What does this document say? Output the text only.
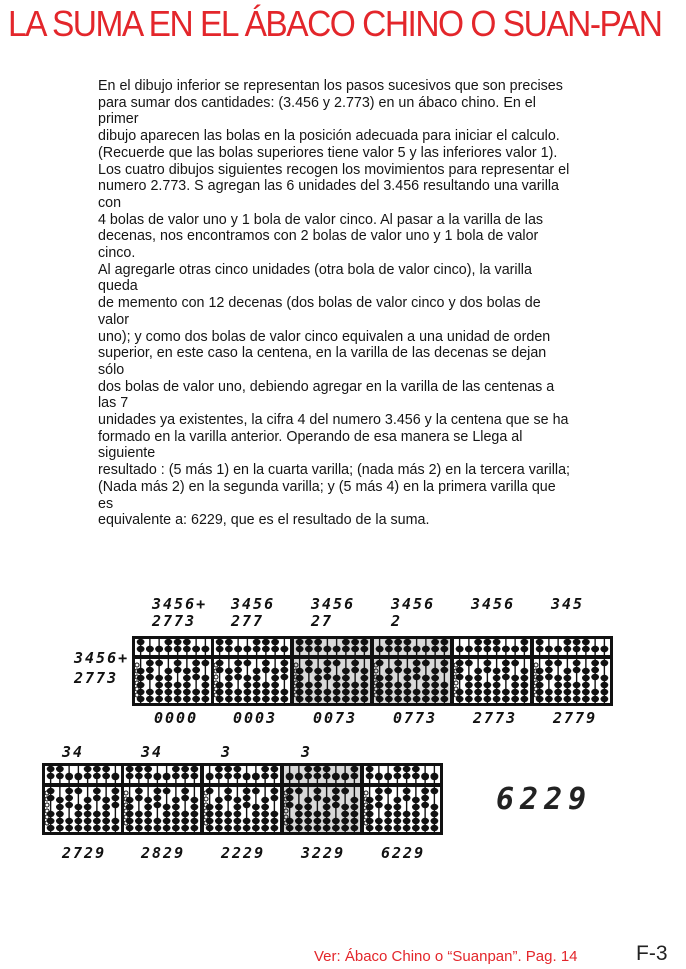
LA SUMA EN EL ÁBACO CHINO O SUAN-PAN
En el dibujo inferior se representan los pasos sucesivos que son precises
para sumar dos cantidades: (3.456 y 2.773) en un ábaco chino. En el
primer
dibujo aparecen las bolas en la posición adecuada para iniciar el calculo.
(Recuerde que las bolas superiores tiene valor 5 y las inferiores valor 1).
Los cuatro dibujos siguientes recogen los movimientos para representar el
numero 2.773. S agregan las 6 unidades del 3.456 resultando una varilla
con
4 bolas de valor uno y 1 bola de valor cinco. Al pasar a la varilla de las
decenas, nos encontramos con 2 bolas de valor uno y 1 bola de valor
cinco.
Al agregarle otras cinco unidades (otra bola de valor cinco), la varilla
queda
de memento con 12 decenas (dos bolas de valor cinco y dos bolas de
valor
uno); y como dos bolas de valor cinco equivalen a una unidad de orden
superior, en este caso la centena, en la varilla de las decenas se dejan
sólo
dos bolas de valor uno, debiendo agregar en la varilla de las centenas a
las 7
unidades ya existentes, la cifra 4 del numero 3.456 y la centena que se ha
formado en la varilla anterior. Operando de esa manera se Llega al
siguiente
resultado : (5 más 1) en la cuarta varilla; (nada más 2) en la tercera varilla;
(Nada más 2) en la segunda varilla; y (5 más 4) en la primera varilla que
es
equivalente a: 6229, que es el resultado de la suma.
3456+
2773
3456+
2773
0000
3456
277
0003
3456
27
0073
3456
2
0773
3456
2773
345
2779
34
2729
34
2829
3
2229
3
3229 6229
6229
Ver: Ábaco Chino o “Suanpan”. Pag. 14	F-3
